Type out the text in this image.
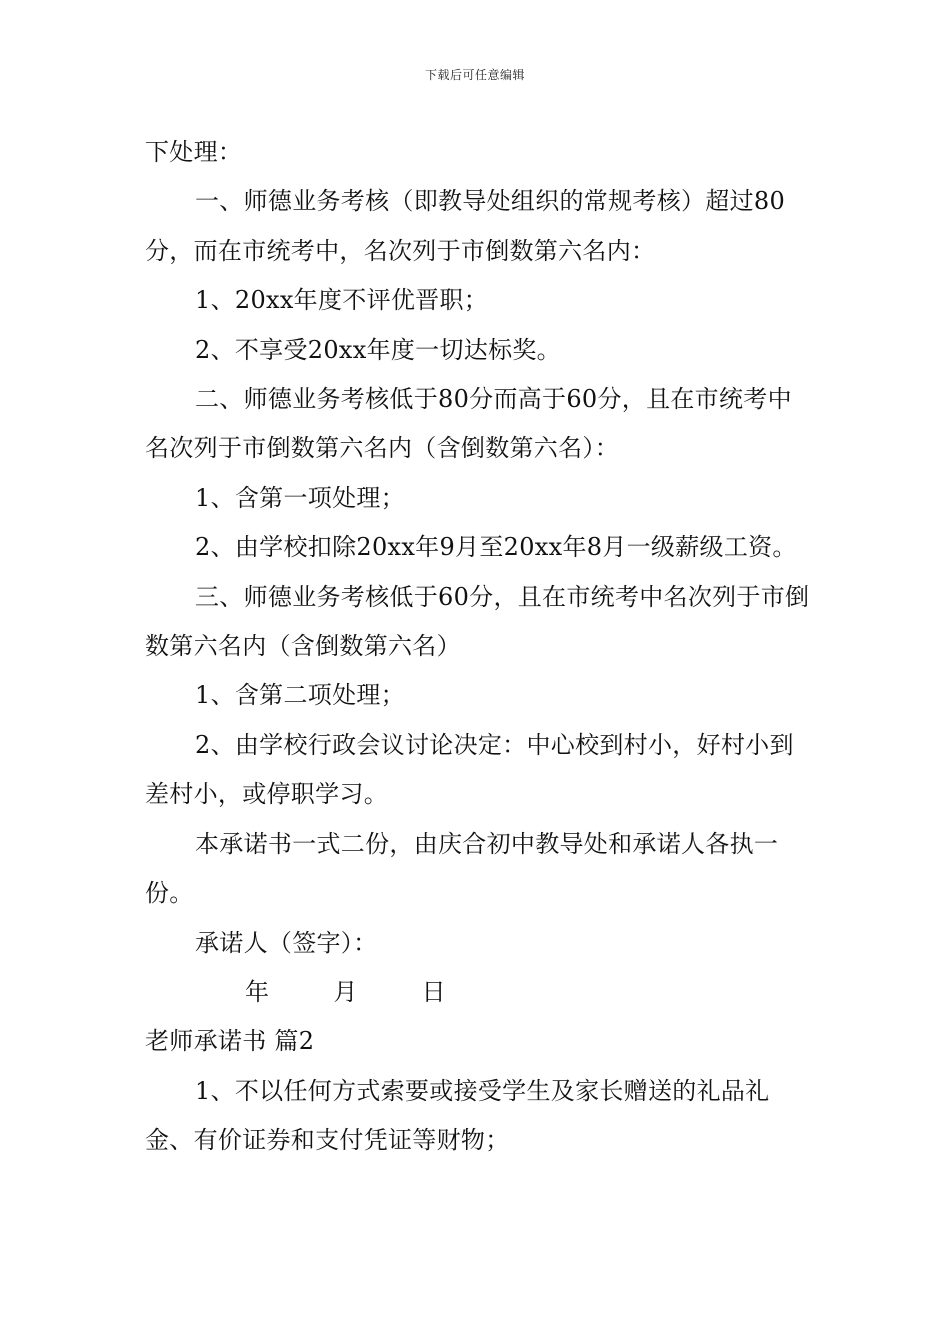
下载后可任意编辑

下处理：

一、师德业务考核（即教导处组织的常规考核）超过80分，而在市统考中，名次列于市倒数第六名内：

1、20xx年度不评优晋职；

2、不享受20xx年度一切达标奖。

二、师德业务考核低于80分而高于60分，且在市统考中名次列于市倒数第六名内（含倒数第六名）：

1、含第一项处理；

2、由学校扣除20xx年9月至20xx年8月一级薪级工资。

三、师德业务考核低于60分，且在市统考中名次列于市倒数第六名内（含倒数第六名）

1、含第二项处理；

2、由学校行政会议讨论决定：中心校到村小，好村小到差村小，或停职学习。

本承诺书一式二份，由庆合初中教导处和承诺人各执一份。

承诺人（签字）：

年	月	日

老师承诺书 篇2

1、不以任何方式索要或接受学生及家长赠送的礼品礼金、有价证券和支付凭证等财物；
